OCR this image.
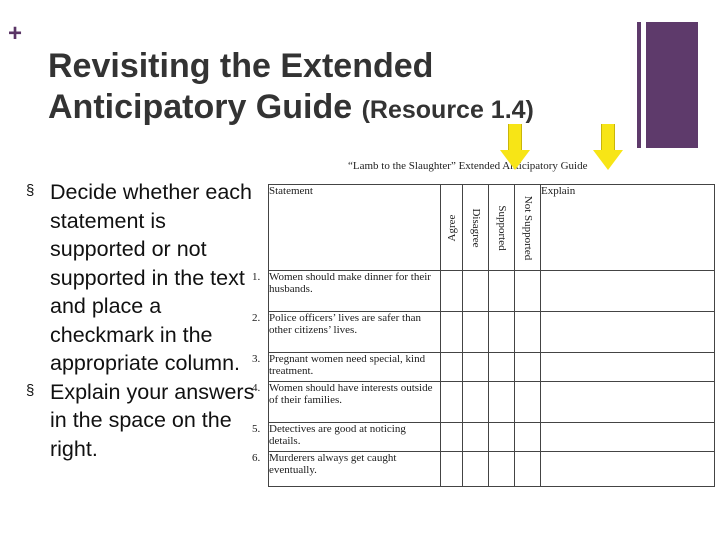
+
Revisiting the Extended
Anticipatory Guide (Resource 1.4)
§ Decide whether each statement is supported or not supported in the text and place a checkmark in the appropriate column.
§ Explain your answers in the space on the right.
“Lamb to the Slaughter” Extended Anticipatory Guide
Statement	Agree	Disagree	Supported	Not Supported	Explain
1. Women should make dinner for their husbands.					
2. Police officers’ lives are safer than other citizens’ lives.					
3. Pregnant women need special, kind treatment.					
4. Women should have interests outside of their families.					
5. Detectives are good at noticing details.					
6. Murderers always get caught eventually.					
